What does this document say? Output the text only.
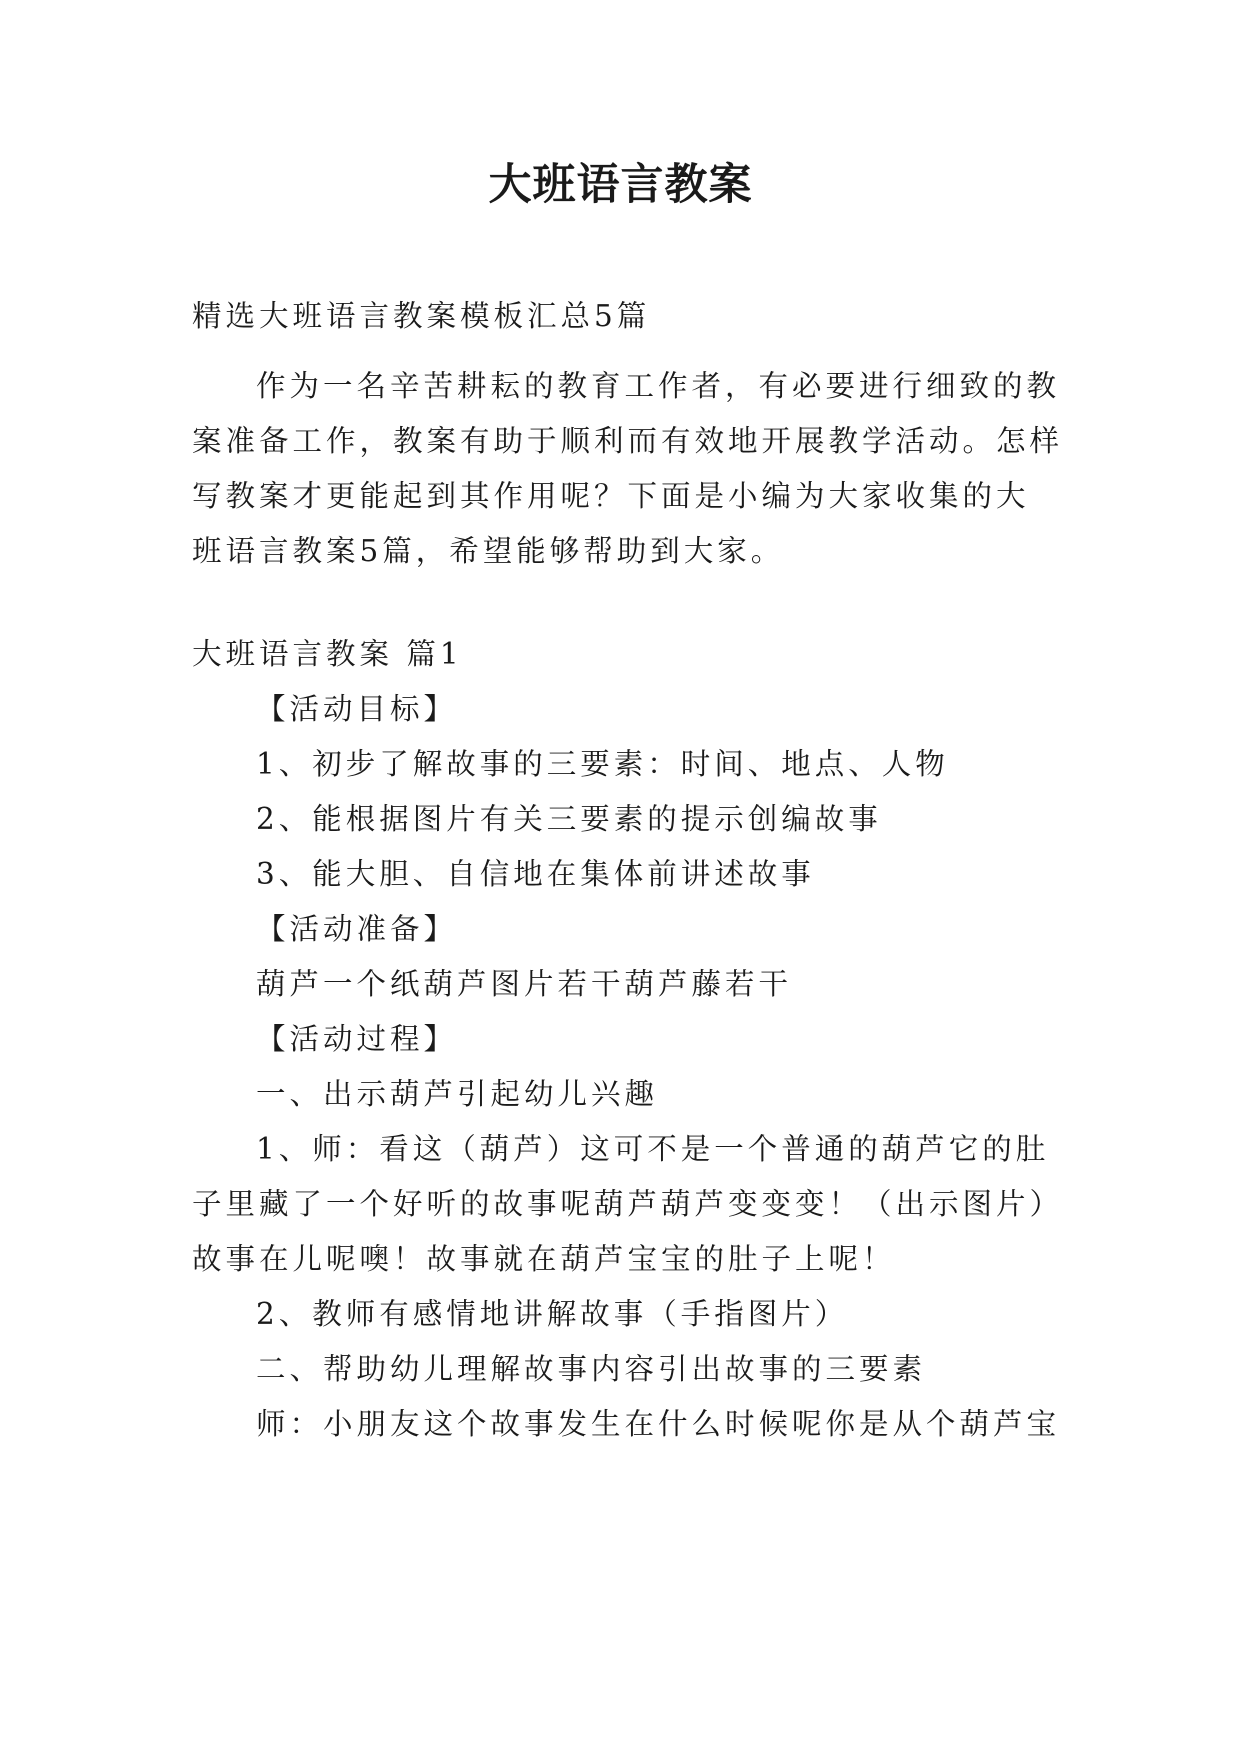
大班语言教案
精选大班语言教案模板汇总5篇
作为一名辛苦耕耘的教育工作者，有必要进行细致的教
案准备工作，教案有助于顺利而有效地开展教学活动。怎样
写教案才更能起到其作用呢？下面是小编为大家收集的大
班语言教案5篇，希望能够帮助到大家。
大班语言教案 篇1
【活动目标】
1、初步了解故事的三要素：时间、地点、人物
2、能根据图片有关三要素的提示创编故事
3、能大胆、自信地在集体前讲述故事
【活动准备】
葫芦一个纸葫芦图片若干葫芦藤若干
【活动过程】
一、出示葫芦引起幼儿兴趣
1、师：看这（葫芦）这可不是一个普通的葫芦它的肚
子里藏了一个好听的故事呢葫芦葫芦变变变！（出示图片）
故事在儿呢噢！故事就在葫芦宝宝的肚子上呢！
2、教师有感情地讲解故事（手指图片）
二、帮助幼儿理解故事内容引出故事的三要素
师：小朋友这个故事发生在什么时候呢你是从个葫芦宝
